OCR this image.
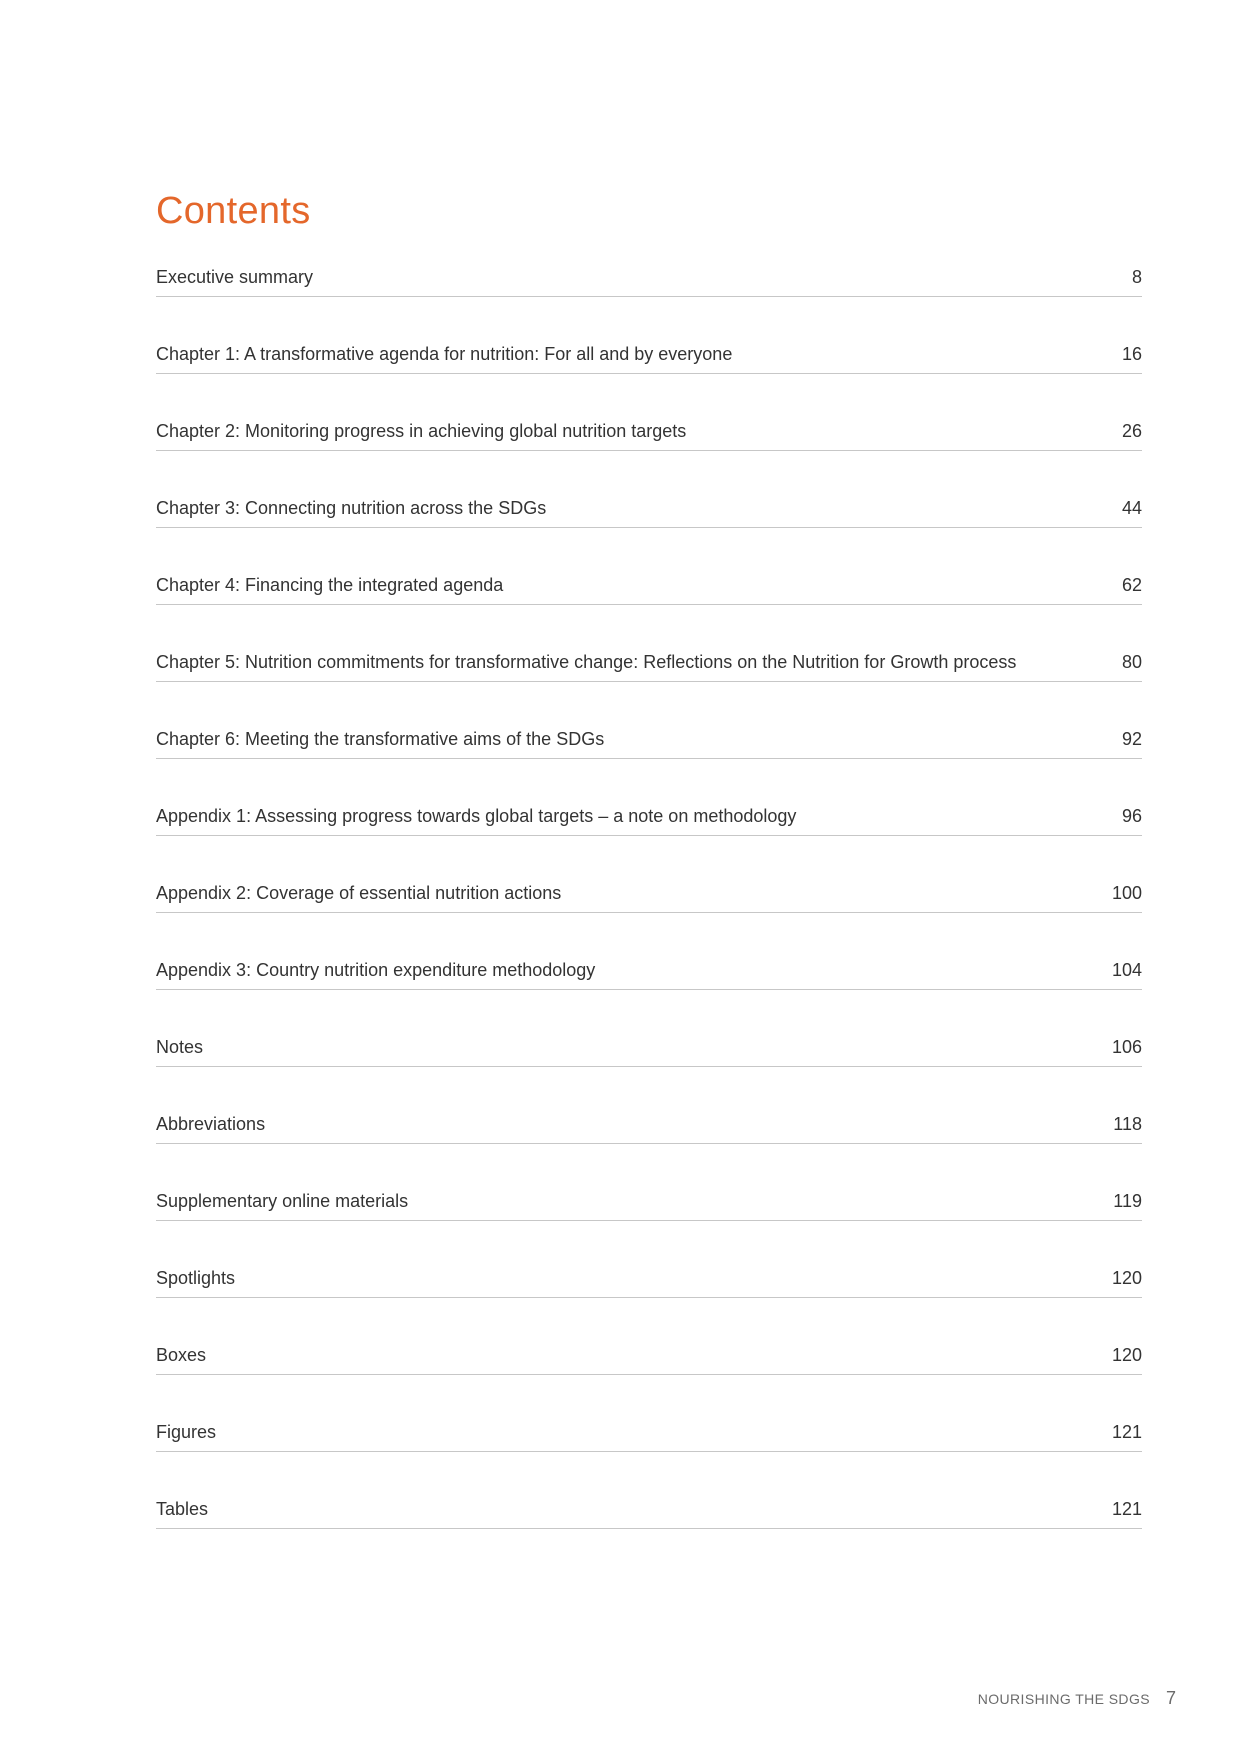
Contents
Executive summary	8
Chapter 1: A transformative agenda for nutrition: For all and by everyone	16
Chapter 2: Monitoring progress in achieving global nutrition targets	26
Chapter 3: Connecting nutrition across the SDGs	44
Chapter 4: Financing the integrated agenda	62
Chapter 5: Nutrition commitments for transformative change: Reflections on the Nutrition for Growth process	80
Chapter 6: Meeting the transformative aims of the SDGs	92
Appendix 1: Assessing progress towards global targets – a note on methodology	96
Appendix 2: Coverage of essential nutrition actions	100
Appendix 3: Country nutrition expenditure methodology	104
Notes	106
Abbreviations	118
Supplementary online materials	119
Spotlights	120
Boxes	120
Figures	121
Tables	121
NOURISHING THE SDGS 7
